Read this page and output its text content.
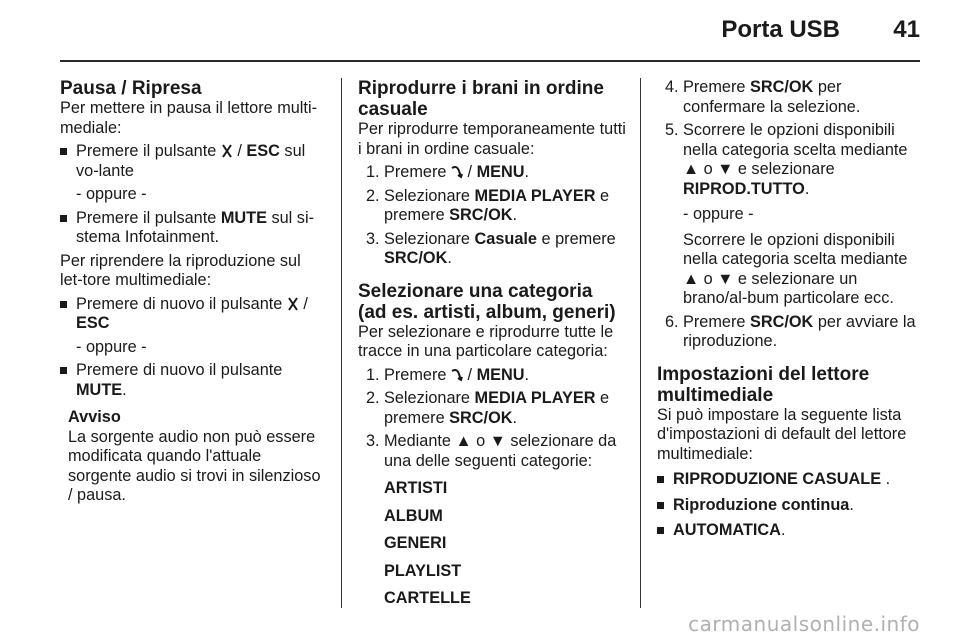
Porta USB 41
Pausa / Ripresa

Per mettere in pausa il lettore multi-mediale:

Premere il pulsante / ESC sul vo-lante
- oppure -
Premere il pulsante MUTE sul si-stema Infotainment.

Per riprendere la riproduzione sul let-tore multimediale:

Premere di nuovo il pulsante /
ESC
- oppure -
Premere di nuovo il pulsante
MUTE.
Avviso
La sorgente audio non può essere modificata quando l'attuale sorgente audio si trovi in silenzioso / pausa.
Riprodurre i brani in ordine casuale

Per riprodurre temporaneamente tutti i brani in ordine casuale:

1. Premere / MENU.
2. Selezionare MEDIA PLAYER e premere SRC/OK.
3. Selezionare Casuale e premere SRC/OK.
Selezionare una categoria (ad es. artisti, album, generi)

Per selezionare e riprodurre tutte le tracce in una particolare categoria:

1. Premere / MENU.
2. Selezionare MEDIA PLAYER e premere SRC/OK.
3. Mediante ▲ o ▼ selezionare da una delle seguenti categorie:
ARTISTI
ALBUM
GENERI
PLAYLIST
CARTELLE
4. Premere SRC/OK per confermare la selezione.
5. Scorrere le opzioni disponibili nella categoria scelta mediante ▲ o ▼ e selezionare RIPROD.TUTTO.
- oppure -
Scorrere le opzioni disponibili nella categoria scelta mediante ▲ o ▼ e selezionare un brano/al-bum particolare ecc.
6. Premere SRC/OK per avviare la riproduzione.
Impostazioni del lettore multimediale

Si può impostare la seguente lista d'impostazioni di default del lettore multimediale:

RIPRODUZIONE CASUALE .
Riproduzione continua.
AUTOMATICA.
carmanualsonline.info
